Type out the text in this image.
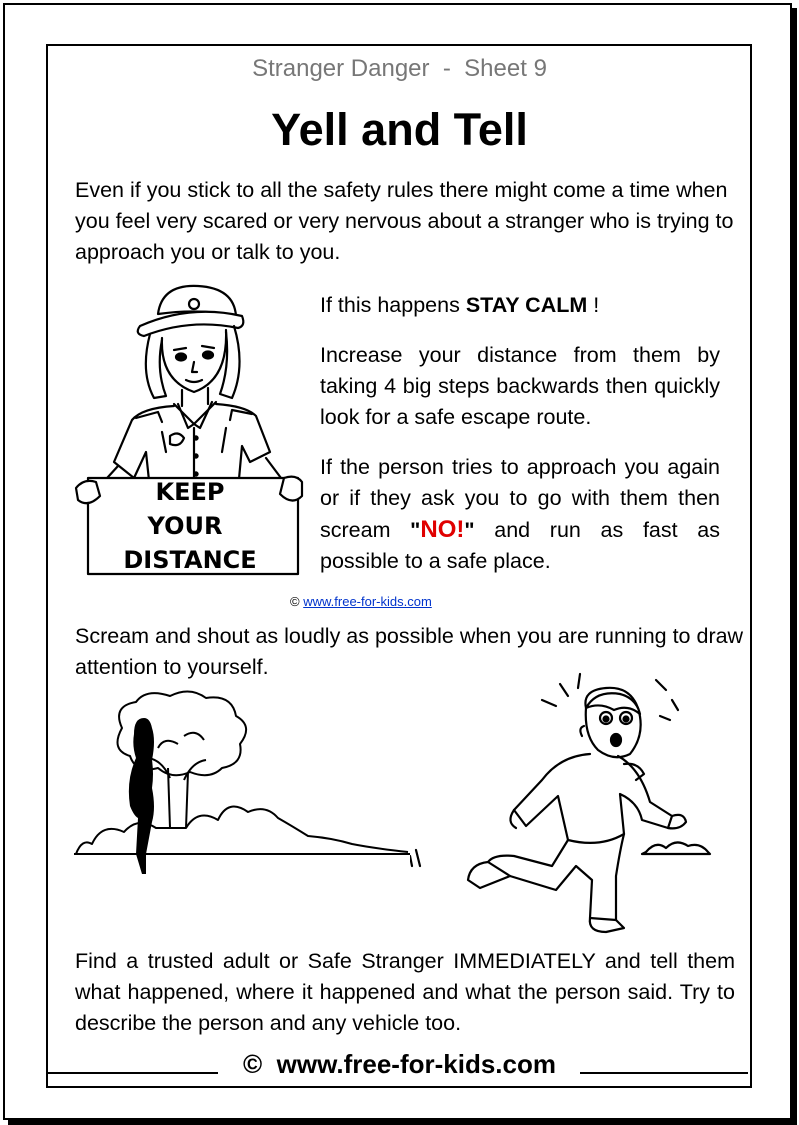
Stranger Danger  -  Sheet 9
Yell and Tell
Even if you stick to all the safety rules there might come a time when you feel very scared or very nervous about a stranger who is trying to approach you or talk to you.
KEEP
YOUR
DISTANCE
If this happens STAY CALM !
Increase your distance from them by taking 4 big steps backwards then quickly look for a safe escape route.
If the person tries to approach you again or if they ask you to go with them then scream "NO!" and run as fast as possible to a safe place.
© www.free-for-kids.com
Scream and shout as loudly as possible when you are running to draw attention to yourself.
Find a trusted adult or Safe Stranger IMMEDIATELY and tell them what happened, where it happened and what the person said. Try to describe the person and any vehicle too.
© www.free-for-kids.com
